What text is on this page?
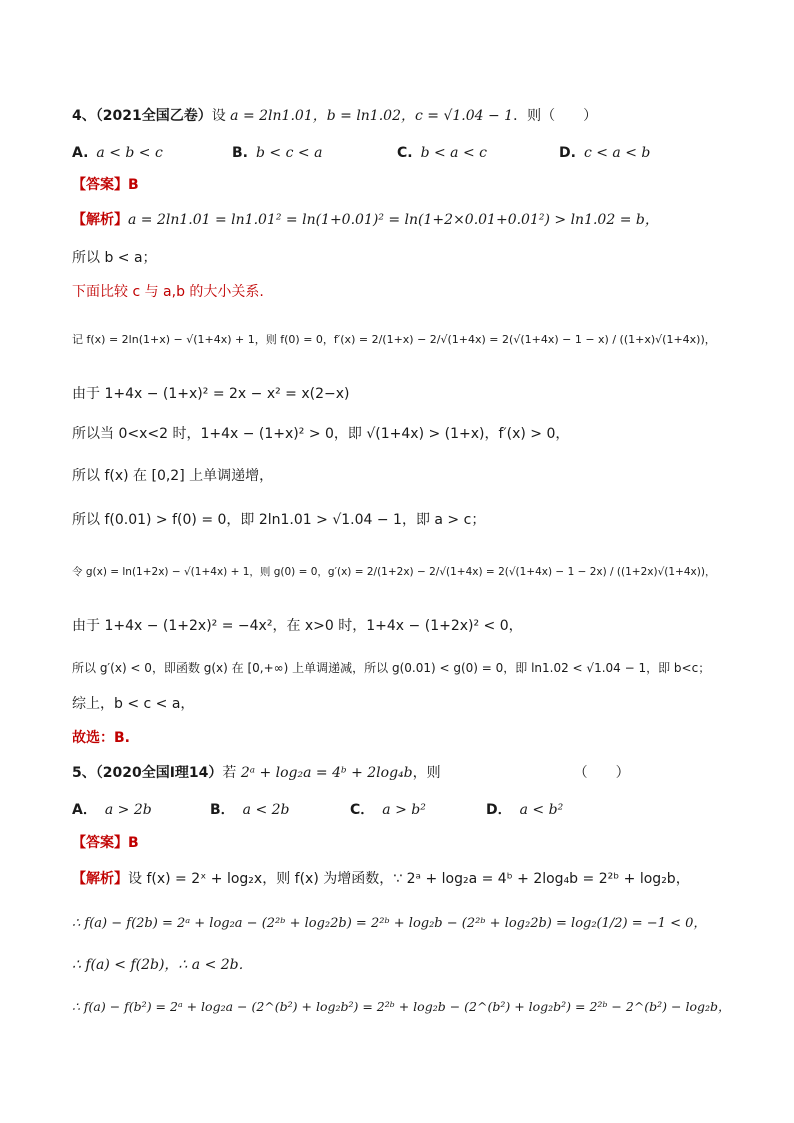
4、（2021全国乙卷）设 a = 2ln1.01，b = ln1.02，c = √1.04 − 1．则（　　）
A. a < b < c	B. b < c < a	C. b < a < c	D. c < a < b
【答案】B
【解析】a = 2ln1.01 = ln1.01² = ln(1+0.01)² = ln(1+2×0.01+0.01²) > ln1.02 = b，
所以 b < a；
下面比较 c 与 a,b 的大小关系.
记 f(x) = 2ln(1+x) − √(1+4x) + 1，则 f(0) = 0，f′(x) = 2/(1+x) − 2/√(1+4x) = 2(√(1+4x) − 1 − x) / ((1+x)√(1+4x))，
由于 1+4x − (1+x)² = 2x − x² = x(2−x)
所以当 0<x<2 时，1+4x − (1+x)² > 0，即 √(1+4x) > (1+x)，f′(x) > 0，
所以 f(x) 在 [0,2] 上单调递增，
所以 f(0.01) > f(0) = 0，即 2ln1.01 > √1.04 − 1，即 a > c；
令 g(x) = ln(1+2x) − √(1+4x) + 1，则 g(0) = 0，g′(x) = 2/(1+2x) − 2/√(1+4x) = 2(√(1+4x) − 1 − 2x) / ((1+2x)√(1+4x))，
由于 1+4x − (1+2x)² = −4x²，在 x>0 时，1+4x − (1+2x)² < 0，
所以 g′(x) < 0，即函数 g(x) 在 [0,+∞) 上单调递减，所以 g(0.01) < g(0) = 0，即 ln1.02 < √1.04 − 1，即 b<c；
综上，b < c < a，
故选：B.
5、（2020全国Ⅰ理14）若 2ᵃ + log₂a = 4ᵇ + 2log₄b，则　　　　　　　　　　（　　）
A． a > 2b	B． a < 2b	C． a > b²	D． a < b²
【答案】B
【解析】设 f(x) = 2ˣ + log₂x，则 f(x) 为增函数，∵ 2ᵃ + log₂a = 4ᵇ + 2log₄b = 2²ᵇ + log₂b，
∴ f(a) − f(2b) = 2ᵃ + log₂a − (2²ᵇ + log₂2b) = 2²ᵇ + log₂b − (2²ᵇ + log₂2b) = log₂(1/2) = −1 < 0，
∴ f(a) < f(2b)，∴ a < 2b．
∴ f(a) − f(b²) = 2ᵃ + log₂a − (2^(b²) + log₂b²) = 2²ᵇ + log₂b − (2^(b²) + log₂b²) = 2²ᵇ − 2^(b²) − log₂b，
